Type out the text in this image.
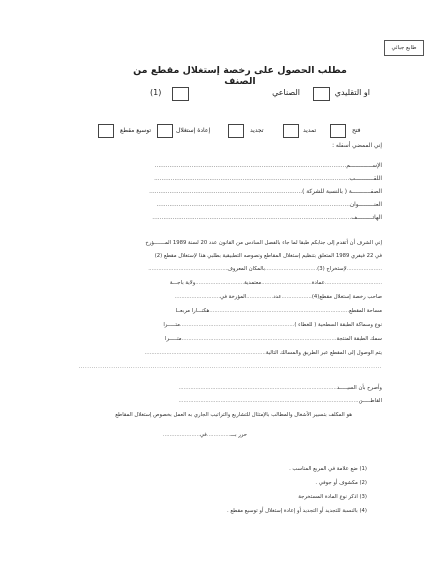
طابع جبائي
مطلب الحصول على رخصة إستغلال مقطع من الصنف
الصناعي	او التقليدي
(1)
فتح
تمديد
تجديد
إعادة إستغلال
توسيع مقطع
إني الممضي أسفله :
الإســـــــــــــم........................................................................................................
اللقـــــــــــب..........................................................................................................
الصفـــــــــــة ( بالنسبة للشركة )...................................................................................
العنـــــــــوان.........................................................................................................
الهاتـــــــــف............................................................................................................
إني الشرف أن أتقدم إلى جنابكم طبقا لما جاء بالفصل السادس من القانون عدد 20 لسنة 1989 المـــــــؤرخ
في 22 فيفري 1989 المتعلق بتنظيم إستغلال المقاطع ونصوصه التطبيقية بطلبي هذا لإستغلال مقطع (2)
.....................لإستخراج (3)...............................بالمكان المعروف...............................................
..................................عمادة..............................معتمدية.............................ولاية باجـــة
صاحب رخصة إستغلال مقطع(4)..................عدد................المؤرخة في...........................
مساحة المقطع...................................................................................هكتـــارا مربعــا
نوع وسماكة الطبقة السطحية ( للغطاء )....................................................................متـــــرا
سمك الطبقة المنتجة............................................................................................متـــــرا
يتم الوصول إلى المقطع عبر الطريق والمسالك التالية........................................................................
...........................................................................................................................................
وأصرح بأن السيـــــد..............................................................................................
القاطـــــن...........................................................................................................
هو المكلف بتسيير الأشغال والمطالب بالإمتثال للتشاريع والتراتيب الجاري به العمل بخصوص إستغلال المقاطع
حرر بـــ..............في......................
(1) ضع علامة في المربع المناسب .
(2) مكشوف أو جوفي .
(3) اذكر نوع المادة المستخرجة
(4) بالنسبة للتجديد أو التجديد أو إعادة إستغلال أو توسيع مقطع .
